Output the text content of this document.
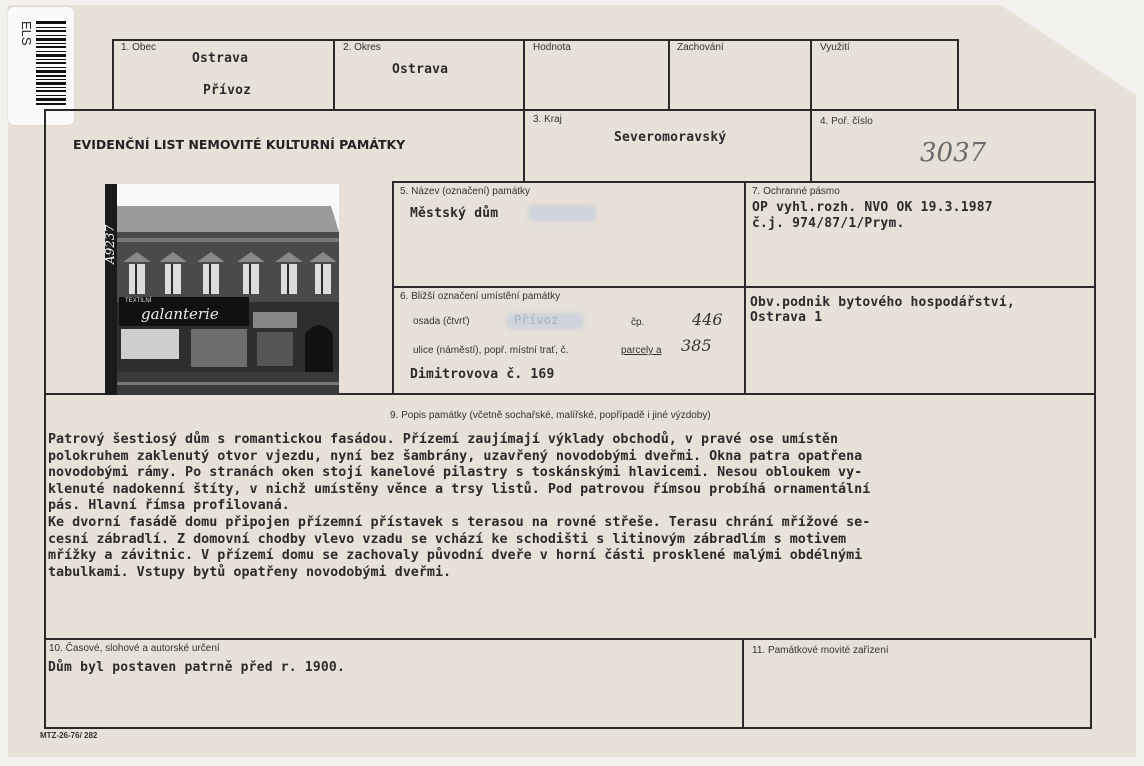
ELS
1. Obec
Ostrava
Přívoz
2. Okres
Ostrava
Hodnota	Zachování	Využití
EVIDENČNÍ LIST NEMOVITÉ KULTURNÍ PAMÁTKY
3. Kraj
Severomoravský
4. Poř. číslo
3037
A9237
TEXTILNÍ
galanterie
5. Název (označení) památky
Městský dům
7. Ochranné pásmo
OP vyhl.rozh. NVO OK 19.3.1987
č.j. 974/87/1/Prym.
6. Bližší označení umístění památky
osada (čtvrť)	Přívoz	čp.	446
ulice (náměstí), popř. místní trať, č.	parcely a 385
Dimitrovova č. 169
Obv.podnik bytového hospodářství,
Ostrava 1
9. Popis památky (včetně sochařské, malířské, popřípadě i jiné výzdoby)
Patrový šestiosý dům s romantickou fasádou. Přízemí zaujímají výklady obchodů, v pravé ose umístěn
polokruhem zaklenutý otvor vjezdu, nyní bez šambrány, uzavřený novodobými dveřmi. Okna patra opatřena
novodobými rámy. Po stranách oken stojí kanelové pilastry s toskánskými hlavicemi. Nesou obloukem vy-
klenuté nadokenní štíty, v nichž umístěny věnce a trsy listů. Pod patrovou římsou probíhá ornamentální
pás. Hlavní římsa profilovaná.
Ke dvorní fasádě domu připojen přízemní přístavek s terasou na rovné střeše. Terasu chrání mřížové se-
cesní zábradlí. Z domovní chodby vlevo vzadu se vchází ke schodišti s litinovým zábradlím s motivem
mřížky a závitnic. V přízemí domu se zachovaly původní dveře v horní části prosklené malými obdélnými
tabulkami. Vstupy bytů opatřeny novodobými dveřmi.
10. Časové, slohové a autorské určení
Dům byl postaven patrně před r. 1900.
11. Památkové movité zařízení
MTZ-26-76/ 282
